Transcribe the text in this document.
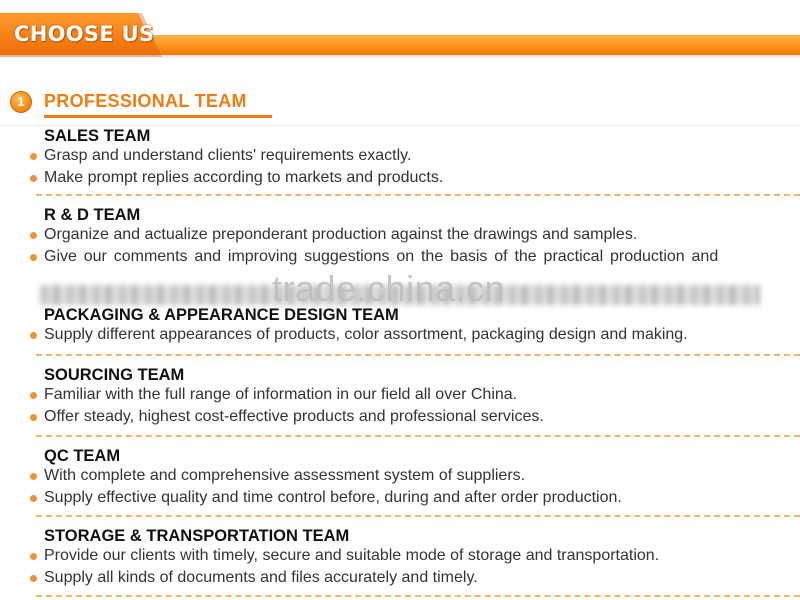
CHOOSE US
1	PROFESSIONAL TEAM
SALES TEAM
Grasp and understand clients' requirements exactly.
Make prompt replies according to markets and products.
R & D TEAM
Organize and actualize preponderant production against the drawings and samples.
Give our comments and improving suggestions on the basis of the practical production and
trade.china.cn
PACKAGING & APPEARANCE DESIGN TEAM
Supply different appearances of products, color assortment, packaging design and making.
SOURCING TEAM
Familiar with the full range of information in our field all over China.
Offer steady, highest cost-effective products and professional services.
QC TEAM
With complete and comprehensive assessment system of suppliers.
Supply effective quality and time control before, during and after order production.
STORAGE & TRANSPORTATION TEAM
Provide our clients with timely, secure and suitable mode of storage and transportation.
Supply all kinds of documents and files accurately and timely.
